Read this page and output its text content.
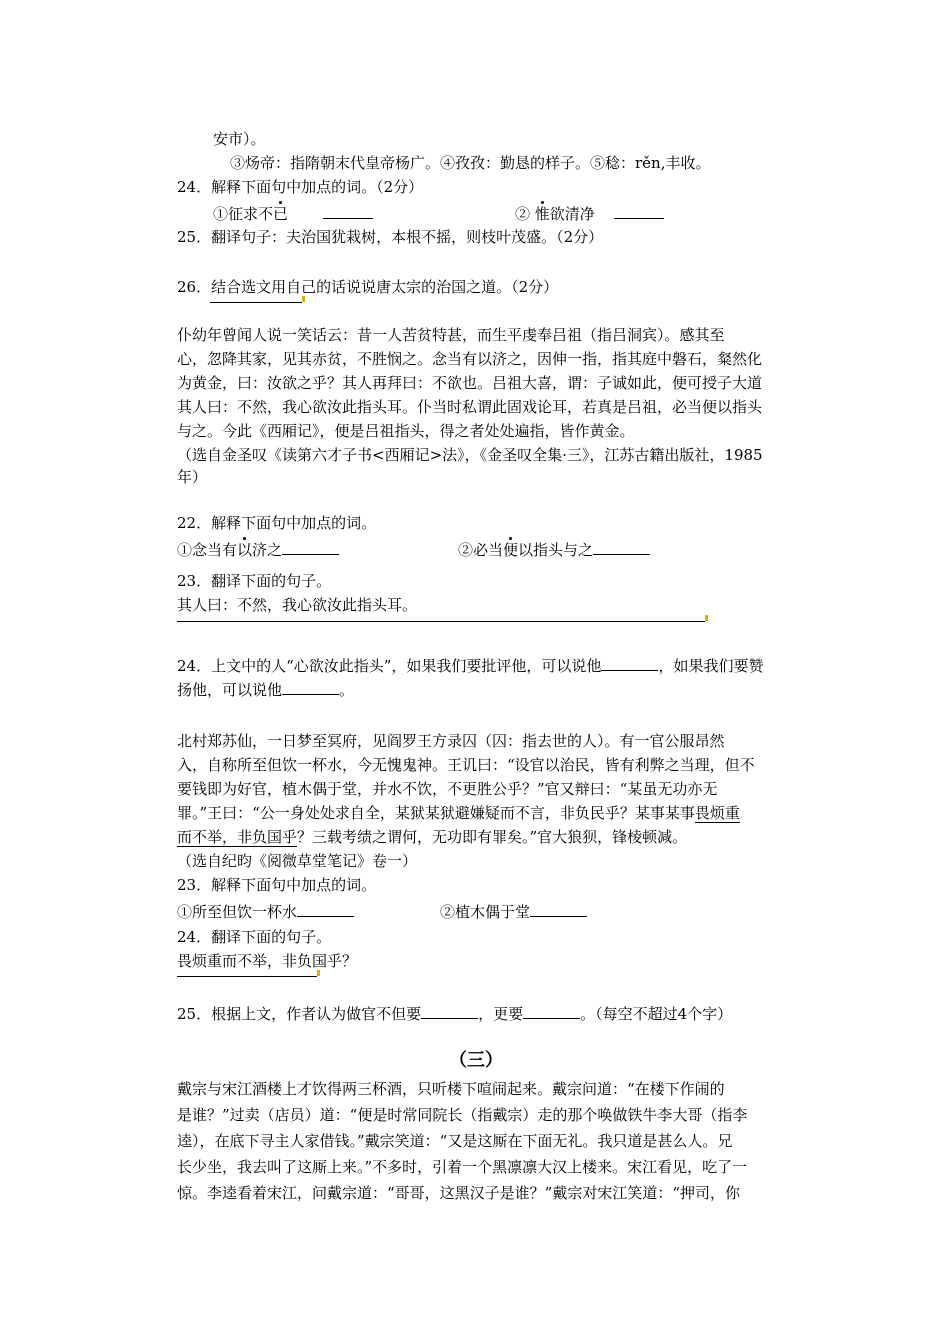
安市）。
③炀帝：指隋朝末代皇帝杨广。④孜孜：勤恳的样子。⑤稔：rěn,丰收。
24．解释下面句中加点的词。（2分）
①征求不已	② 惟欲清净
25．翻译句子：夫治国犹栽树，本根不摇，则枝叶茂盛。（2分）
26．结合选文用自己的话说说唐太宗的治国之道。（2分）
仆幼年曾闻人说一笑话云：昔一人苦贫特甚，而生平虔奉吕祖（指吕洞宾）。感其至
心，忽降其家，见其赤贫，不胜悯之。念当有以济之，因伸一指，指其庭中磐石，粲然化
为黄金，曰：汝欲之乎？其人再拜曰：不欲也。吕祖大喜，谓：子诚如此，便可授子大道
其人曰：不然，我心欲汝此指头耳。仆当时私谓此固戏论耳，若真是吕祖，必当便以指头
与之。今此《西厢记》，便是吕祖指头，得之者处处遍指，皆作黄金。
（选自金圣叹《读第六才子书<西厢记>法》，《金圣叹全集·三》，江苏古籍出版社，1985
年）
22．解释下面句中加点的词。
①念当有以济之	②必当便以指头与之
23．翻译下面的句子。
其人曰：不然，我心欲汝此指头耳。
24．上文中的人“心欲汝此指头”，如果我们要批评他，可以说他	，如果我们要赞
扬他，可以说他	。
北村郑苏仙，一日梦至冥府，见阎罗王方录囚（囚：指去世的人）。有一官公服昂然
入，自称所至但饮一杯水，今无愧鬼神。王讥曰：“设官以治民，皆有利弊之当理，但不
要钱即为好官，植木偶于堂，并水不饮，不更胜公乎？”官又辩曰：“某虽无功亦无
罪。”王曰：“公一身处处求自全，某狱某狱避嫌疑而不言，非负民乎？某事某事畏烦重
而不举，非负国乎？三载考绩之谓何，无功即有罪矣。”官大狼狈，锋棱顿减。
（选自纪昀《阅微草堂笔记》卷一）
23．解释下面句中加点的词。
①所至但饮一杯水	②植木偶于堂
24．翻译下面的句子。
畏烦重而不举，非负国乎？
25．根据上文，作者认为做官不但要	，更要	。（每空不超过4个字）
（三）
戴宗与宋江酒楼上才饮得两三杯酒，只听楼下喧闹起来。戴宗问道：“在楼下作闹的
是谁？”过卖（店员）道：“便是时常同院长（指戴宗）走的那个唤做铁牛李大哥（指李
逵），在底下寻主人家借钱。”戴宗笑道：“又是这厮在下面无礼。我只道是甚么人。兄
长少坐，我去叫了这厮上来。”不多时，引着一个黑凛凛大汉上楼来。宋江看见，吃了一
惊。李逵看着宋江，问戴宗道：“哥哥，这黑汉子是谁？”戴宗对宋江笑道：“押司，你
